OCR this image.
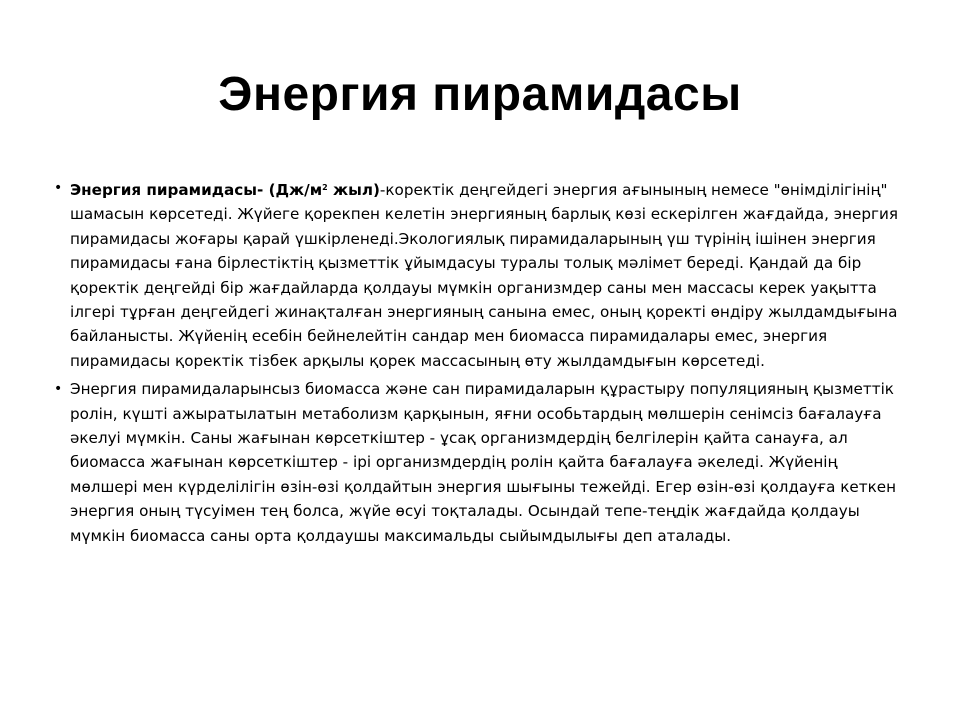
Энергия пирамидасы
• Энергия пирамидасы- ($Дж/м^2$ жыл)-коректік деңгейдегі энергия ағынының немесе "өнімділігінің" шамасын көрсетеді. Жүйеге қорекпен келетін энергияның барлық көзі ескерілген жағдайда, энергия пирамидасы жоғары қарай үшкірленеді.Экологиялық пирамидаларының үш түрінің ішінен энергия пирамидасы ғана бірлестіктің қызметтік ұйымдасуы туралы толық мәлімет береді. Қандай да бір қоректік деңгейді бір жағдайларда қолдауы мүмкін организмдер саны мен массасы керек уақытта ілгері тұрған деңгейдегі жинақталған энергияның санына емес, оның қоректі өндіру жылдамдығына байланысты. Жүйенің есебін бейнелейтін сандар мен биомасса пирамидалары емес, энергия пирамидасы қоректік тізбек арқылы қорек массасының өту жылдамдығын көрсетеді.
• Энергия пирамидаларынсыз биомасса және сан пирамидаларын құрастыру популяцияның қызметтік ролін, күшті ажыратылатын метаболизм қарқынын, яғни особьтардың мөлшерін сенімсіз бағалауға әкелуі мүмкін. Саны жағынан көрсеткіштер - ұсақ организмдердің белгілерін қайта санауға, ал биомасса жағынан көрсеткіштер - ірі организмдердің ролін қайта бағалауға әкеледі. Жүйенің мөлшері мен күрделілігін өзін-өзі қолдайтын энергия шығыны тежейді. Егер өзін-өзі қолдауға кеткен энергия оның түсуімен тең болса, жүйе өсуі тоқталады. Осындай тепе-теңдік жағдайда қолдауы мүмкін биомасса саны орта қолдаушы максимальды сыйымдылығы деп аталады.
